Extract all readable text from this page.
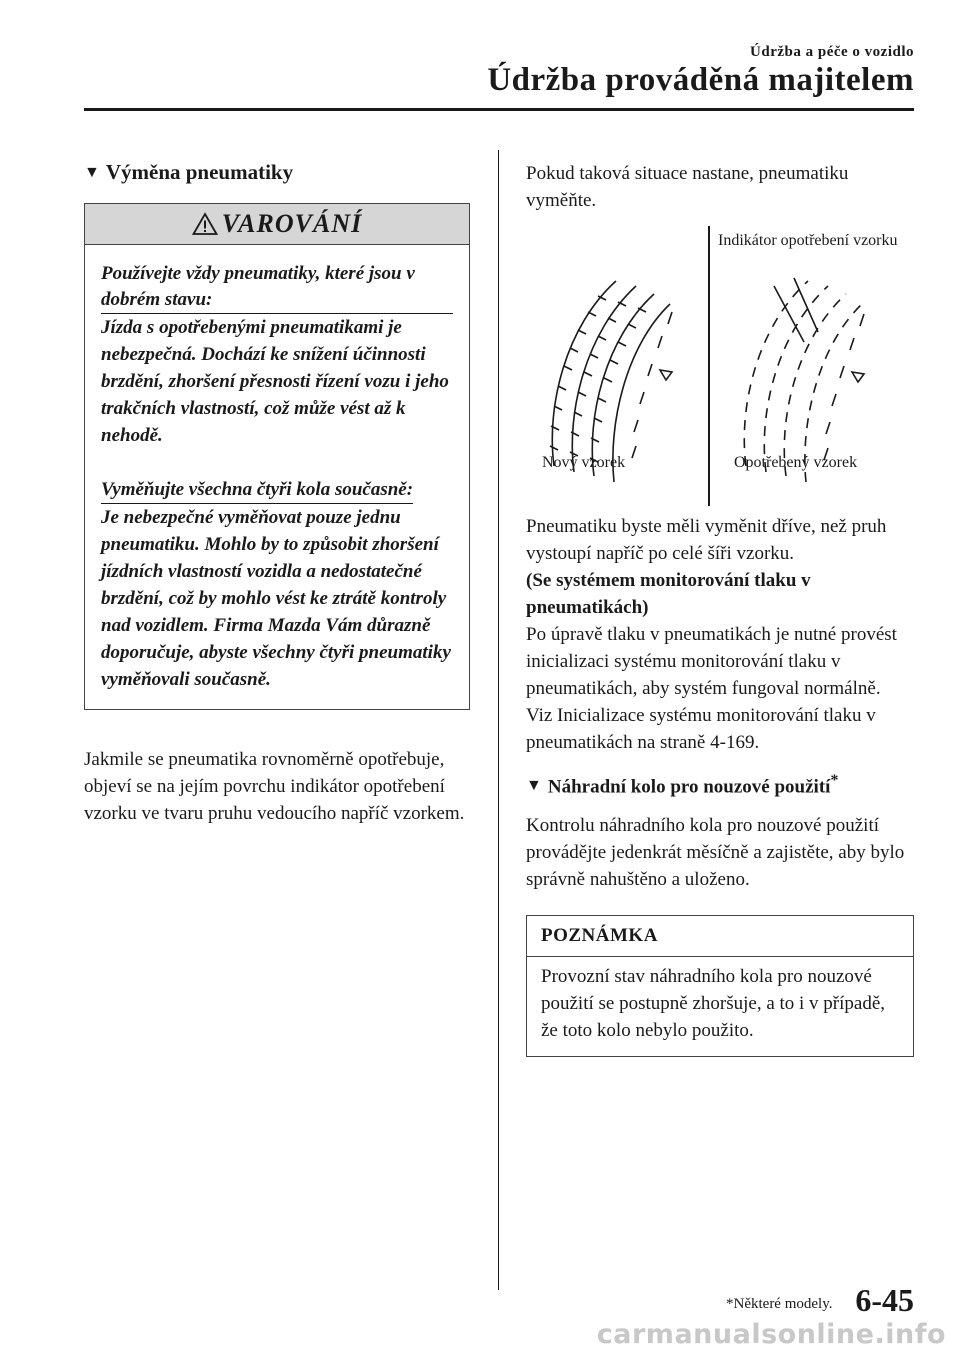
Údržba a péče o vozidlo
Údržba prováděná majitelem
▼ Výměna pneumatiky
VAROVÁNÍ

Používejte vždy pneumatiky, které jsou v dobrém stavu:

Jízda s opotřebenými pneumatikami je nebezpečná. Dochází ke snížení účinnosti brzdění, zhoršení přesnosti řízení vozu i jeho trakčních vlastností, což může vést až k nehodě.

Vyměňujte všechna čtyři kola současně:

Je nebezpečné vyměňovat pouze jednu pneumatiku. Mohlo by to způsobit zhoršení jízdních vlastností vozidla a nedostatečné brzdění, což by mohlo vést ke ztrátě kontroly nad vozidlem. Firma Mazda Vám důrazně doporučuje, abyste všechny čtyři pneumatiky vyměňovali současně.

Jakmile se pneumatika rovnoměrně opotřebuje, objeví se na jejím povrchu indikátor opotřebení vzorku ve tvaru pruhu vedoucího napříč vzorkem.

Pokud taková situace nastane, pneumatiku vyměňte.

Indikátor opotřebení vzorku
Nový vzorek	Opotřebený vzorek

Pneumatiku byste měli vyměnit dříve, než pruh vystoupí napříč po celé šíři vzorku.

(Se systémem monitorování tlaku v pneumatikách)

Po úpravě tlaku v pneumatikách je nutné provést inicializaci systému monitorování tlaku v pneumatikách, aby systém fungoval normálně.

Viz Inicializace systému monitorování tlaku v pneumatikách na straně 4-169.

▼ Náhradní kolo pro nouzové použití*

Kontrolu náhradního kola pro nouzové použití provádějte jedenkrát měsíčně a zajistěte, aby bylo správně nahuštěno a uloženo.

POZNÁMKA
Provozní stav náhradního kola pro nouzové použití se postupně zhoršuje, a to i v případě, že toto kolo nebylo použito.
*Některé modely. 6-45
carmanualsonline.info
